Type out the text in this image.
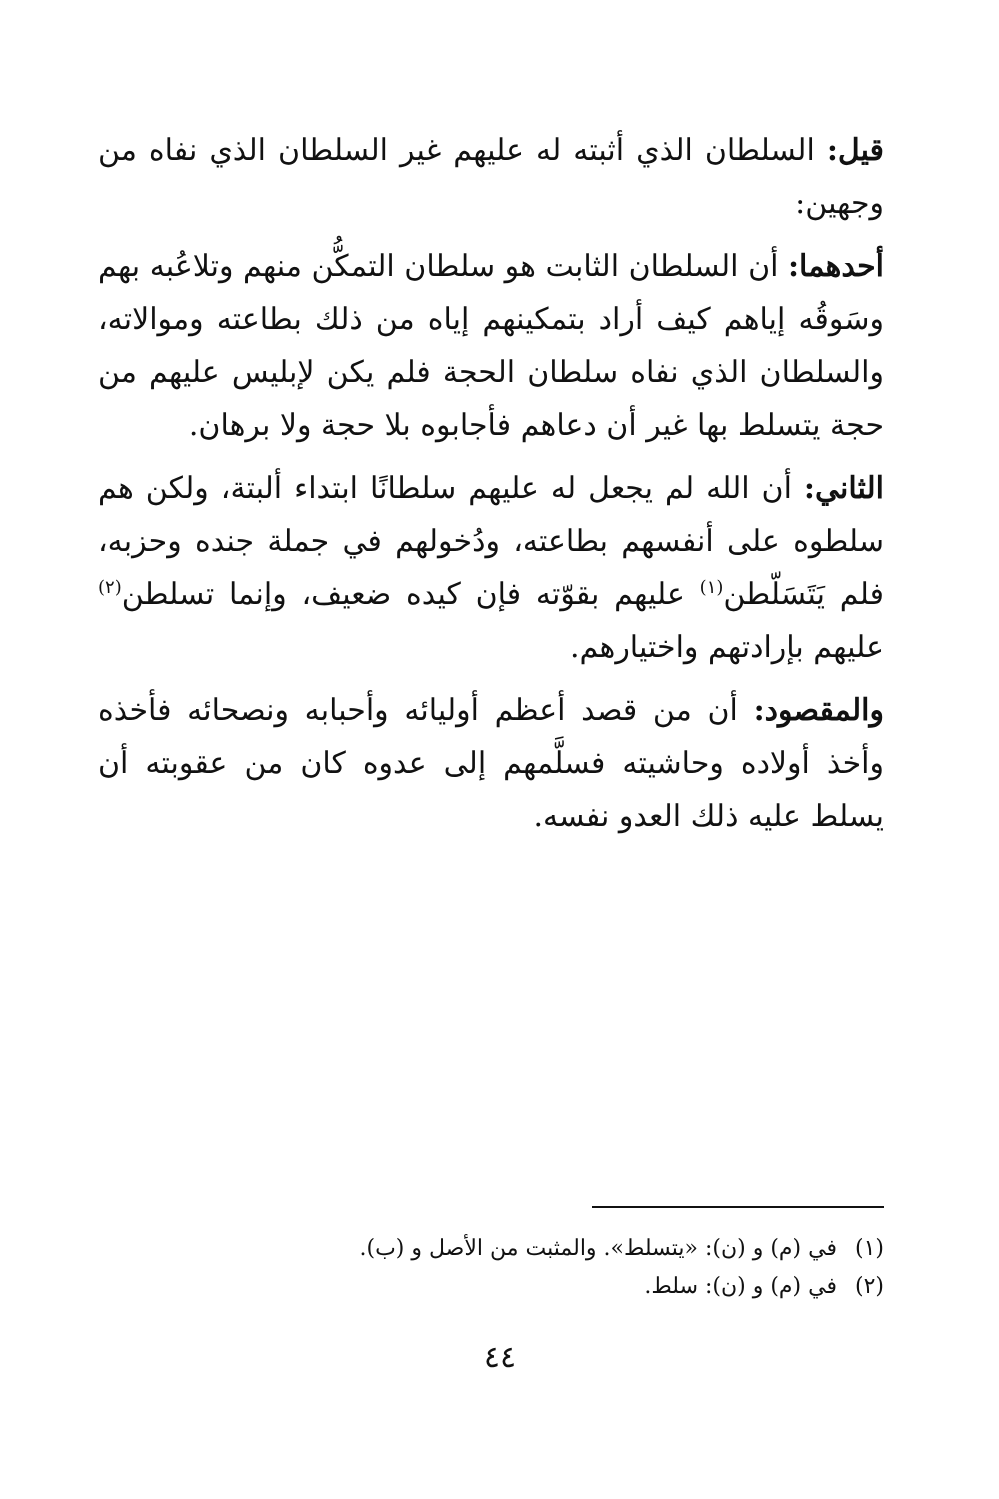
قيل: السلطان الذي أثبته له عليهم غير السلطان الذي نفاه من وجهين:

أحدهما: أن السلطان الثابت هو سلطان التمكُّن منهم وتلاعُبه بهم وسَوقُه إياهم كيف أراد بتمكينهم إياه من ذلك بطاعته وموالاته، والسلطان الذي نفاه سلطان الحجة فلم يكن لإبليس عليهم من حجة يتسلط بها غير أن دعاهم فأجابوه بلا حجة ولا برهان.

الثاني: أن الله لم يجعل له عليهم سلطانًا ابتداء ألبتة، ولكن هم سلطوه على أنفسهم بطاعته، ودُخولهم في جملة جنده وحزبه، فلم يَتَسَلّطن$^{(١)}$ عليهم بقوّته فإن كيده ضعيف، وإنما تسلطن$^{(٢)}$ عليهم بإرادتهم واختيارهم.

والمقصود: أن من قصد أعظم أوليائه وأحبابه ونصحائه فأخذه وأخذ أولاده وحاشيته فسلَّمهم إلى عدوه كان من عقوبته أن يسلط عليه ذلك العدو نفسه.

(١)
في (م) و (ن): «يتسلط». والمثبت من الأصل و (ب).
(٢)
في (م) و (ن): سلط.
٤٤
